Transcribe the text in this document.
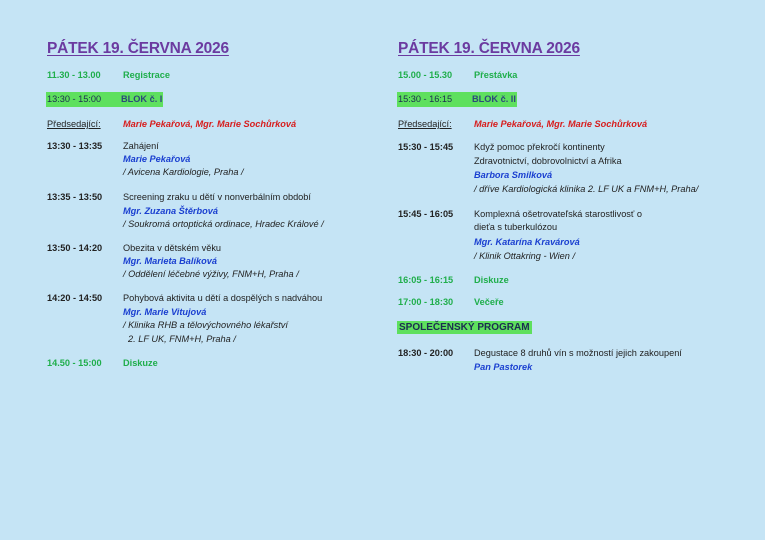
PÁTEK 19. ČERVNA 2026
11.30 - 13.00 Registrace
13:30 - 15:00 BLOK č. I
Předsedající: Marie Pekařová, Mgr. Marie Sochůrková
13:30 - 13:35 Zahájení
Marie Pekařová
/ Avicena Kardiologie, Praha /
13:35 - 13:50 Screening zraku u dětí v nonverbálním období
Mgr. Zuzana Štěrbová
/ Soukromá ortoptická ordinace, Hradec Králové /
13:50 - 14:20 Obezita v dětském věku
Mgr. Marieta Balíková
/ Oddělení léčebné výživy, FNM+H, Praha /
14:20 - 14:50 Pohybová aktivita u dětí a dospělých s nadváhou
Mgr. Marie Vitujová
/ Klinika RHB a tělovýchovného lékařství
2. LF UK, FNM+H, Praha /
14.50 - 15:00 Diskuze
PÁTEK 19. ČERVNA 2026
15.00 - 15.30 Přestávka
15:30 - 16:15 BLOK č. II
Předsedající: Marie Pekařová, Mgr. Marie Sochůrková
15:30 - 15:45 Když pomoc překročí kontinenty
Zdravotnictví, dobrovolnictví a Afrika
Barbora Smilková
/ dříve Kardiologická klinika 2. LF UK a FNM+H, Praha/
15:45 - 16:05 Komplexná ošetrovateľská starostlivosť o
dieťa s tuberkulózou
Mgr. Katarína Kravárová
/ Klinik Ottakring - Wien /
16:05 - 16:15 Diskuze
17:00 - 18:30 Večeře
SPOLEČENSKÝ PROGRAM
18:30 - 20:00 Degustace 8 druhů vín s možností jejich zakoupení
Pan Pastorek
